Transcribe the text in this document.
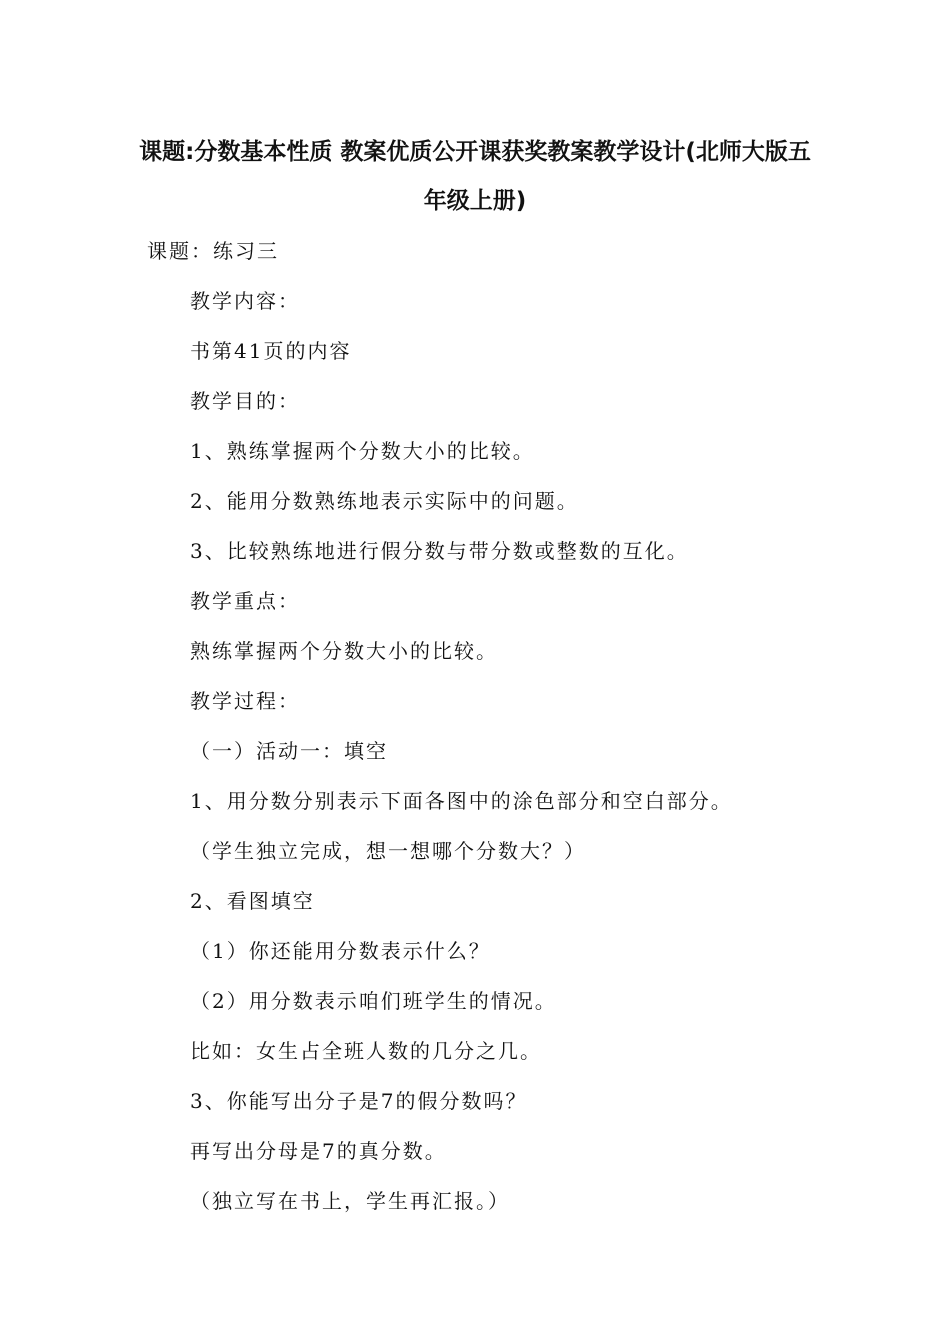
课题:分数基本性质 教案优质公开课获奖教案教学设计(北师大版五
年级上册)
课题：练习三
教学内容：
书第41页的内容
教学目的：
1、熟练掌握两个分数大小的比较。
2、能用分数熟练地表示实际中的问题。
3、比较熟练地进行假分数与带分数或整数的互化。
教学重点：
熟练掌握两个分数大小的比较。
教学过程：
（一）活动一：填空
1、用分数分别表示下面各图中的涂色部分和空白部分。
（学生独立完成，想一想哪个分数大？）
2、看图填空
（1）你还能用分数表示什么？
（2）用分数表示咱们班学生的情况。
比如：女生占全班人数的几分之几。
3、你能写出分子是7的假分数吗？
再写出分母是7的真分数。
（独立写在书上，学生再汇报。）
